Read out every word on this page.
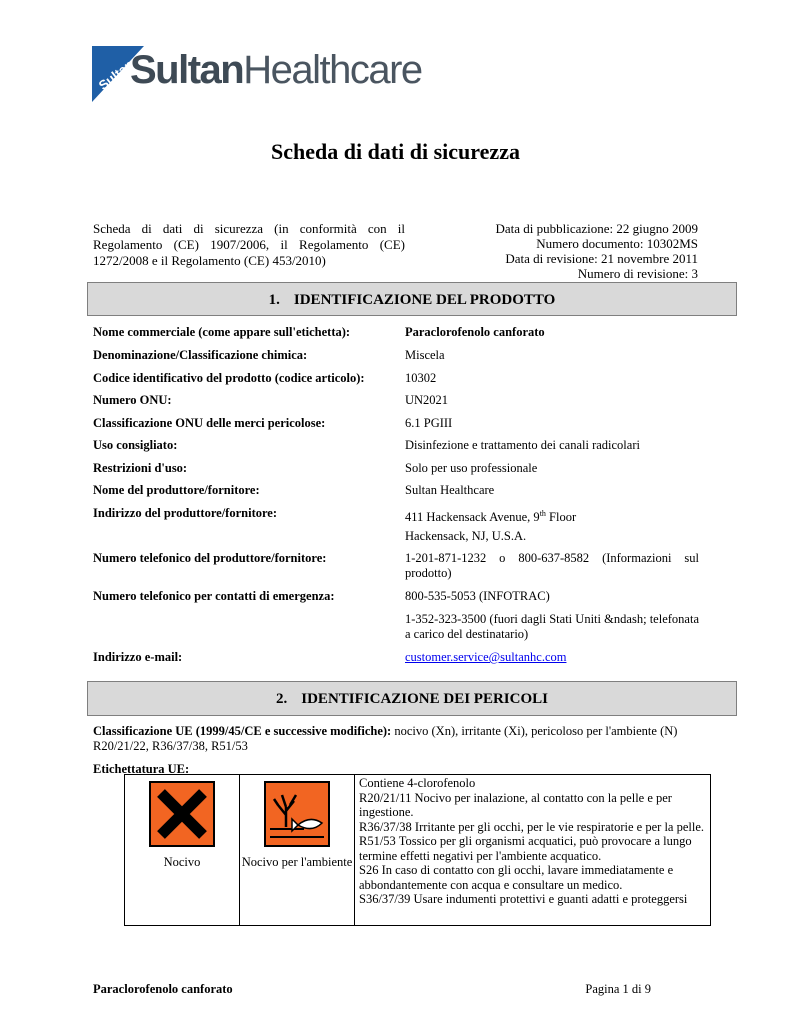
Sultan
SultanHealthcare
Scheda di dati di sicurezza
Scheda di dati di sicurezza (in conformità con il Regolamento (CE) 1907/2006, il Regolamento (CE) 1272/2008 e il Regolamento (CE) 453/2010)
Data di pubblicazione: 22 giugno 2009
Numero documento: 10302MS
Data di revisione: 21 novembre 2011
Numero di revisione: 3
1. IDENTIFICAZIONE DEL PRODOTTO
Nome commerciale (come appare sull'etichetta):	Paraclorofenolo canforato
Denominazione/Classificazione chimica:	Miscela
Codice identificativo del prodotto (codice articolo):	10302
Numero ONU:	UN2021
Classificazione ONU delle merci pericolose:	6.1 PGIII
Uso consigliato:	Disinfezione e trattamento dei canali radicolari
Restrizioni d'uso:	Solo per uso professionale
Nome del produttore/fornitore:	Sultan Healthcare
Indirizzo del produttore/fornitore:	411 Hackensack Avenue, 9th Floor
Hackensack, NJ, U.S.A.
Numero telefonico del produttore/fornitore:	1-201-871-1232 o 800-637-8582 (Informazioni sul prodotto)
Numero telefonico per contatti di emergenza:	800-535-5053 (INFOTRAC)
1-352-323-3500 (fuori dagli Stati Uniti &ndash; telefonata a carico del destinatario)
Indirizzo e-mail:	customer.service@sultanhc.com
2. IDENTIFICAZIONE DEI PERICOLI
Classificazione UE (1999/45/CE e successive modifiche): nocivo (Xn), irritante (Xi), pericoloso per l'ambiente (N) R20/21/22, R36/37/38, R51/53
Etichettatura UE:
Nocivo	Nocivo per l'ambiente

Contiene 4-clorofenolo
R20/21/11 Nocivo per inalazione, al contatto con la pelle e per ingestione.
R36/37/38 Irritante per gli occhi, per le vie respiratorie e per la pelle.
R51/53 Tossico per gli organismi acquatici, può provocare a lungo termine effetti negativi per l'ambiente acquatico.
S26 In caso di contatto con gli occhi, lavare immediatamente e abbondantemente con acqua e consultare un medico.
S36/37/39 Usare indumenti protettivi e guanti adatti e proteggersi
Paraclorofenolo canforato	Pagina 1 di 9
